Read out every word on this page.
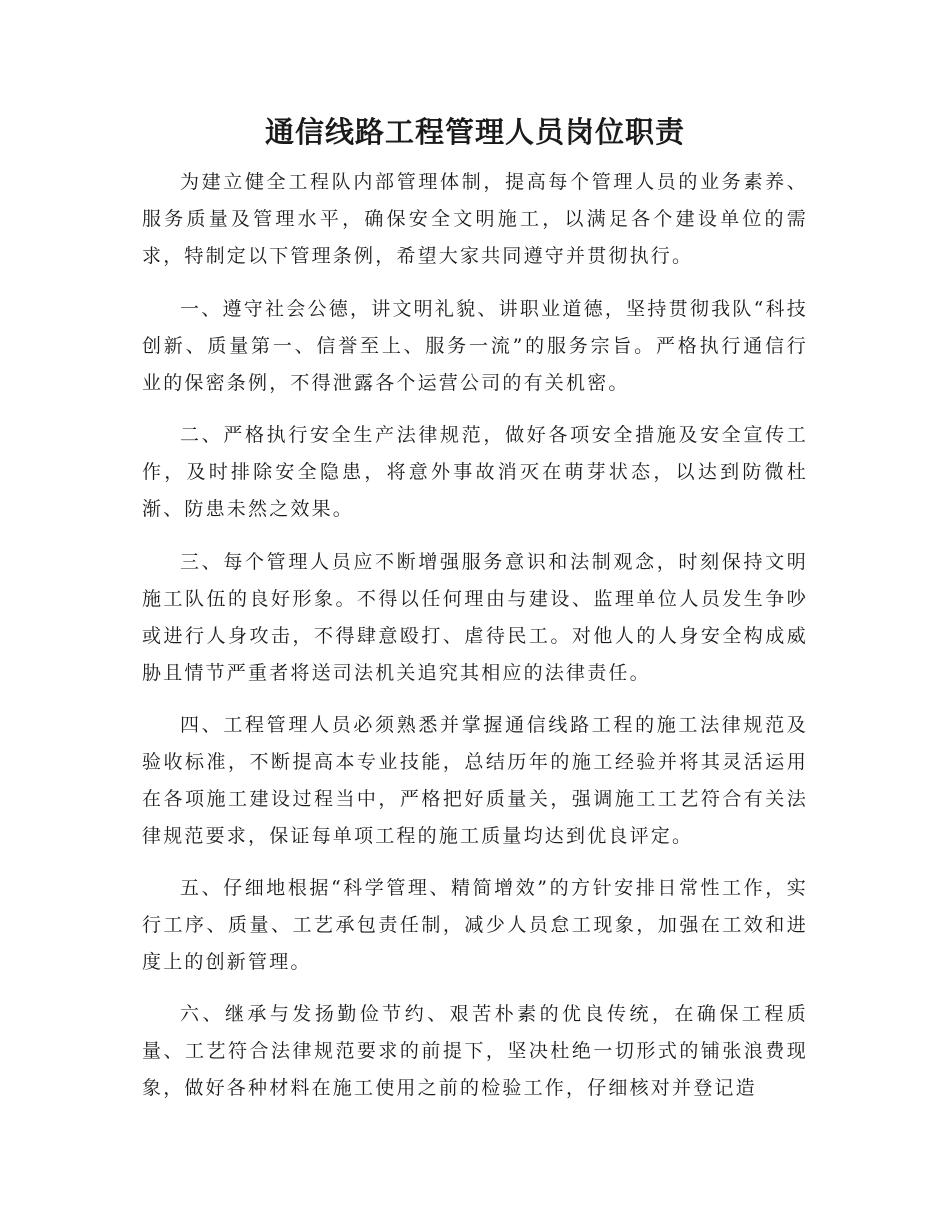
通信线路工程管理人员岗位职责

为建立健全工程队内部管理体制，提高每个管理人员的业务素养、服务质量及管理水平，确保安全文明施工，以满足各个建设单位的需求，特制定以下管理条例，希望大家共同遵守并贯彻执行。

一、遵守社会公德，讲文明礼貌、讲职业道德，坚持贯彻我队“科技创新、质量第一、信誉至上、服务一流”的服务宗旨。严格执行通信行业的保密条例，不得泄露各个运营公司的有关机密。

二、严格执行安全生产法律规范，做好各项安全措施及安全宣传工作，及时排除安全隐患，将意外事故消灭在萌芽状态，以达到防微杜渐、防患未然之效果。

三、每个管理人员应不断增强服务意识和法制观念，时刻保持文明施工队伍的良好形象。不得以任何理由与建设、监理单位人员发生争吵或进行人身攻击，不得肆意殴打、虐待民工。对他人的人身安全构成威胁且情节严重者将送司法机关追究其相应的法律责任。

四、工程管理人员必须熟悉并掌握通信线路工程的施工法律规范及验收标准，不断提高本专业技能，总结历年的施工经验并将其灵活运用在各项施工建设过程当中，严格把好质量关，强调施工工艺符合有关法律规范要求，保证每单项工程的施工质量均达到优良评定。

五、仔细地根据“科学管理、精简增效”的方针安排日常性工作，实行工序、质量、工艺承包责任制，减少人员怠工现象，加强在工效和进度上的创新管理。

六、继承与发扬勤俭节约、艰苦朴素的优良传统，在确保工程质量、工艺符合法律规范要求的前提下，坚决杜绝一切形式的铺张浪费现象，做好各种材料在施工使用之前的检验工作，仔细核对并登记造
